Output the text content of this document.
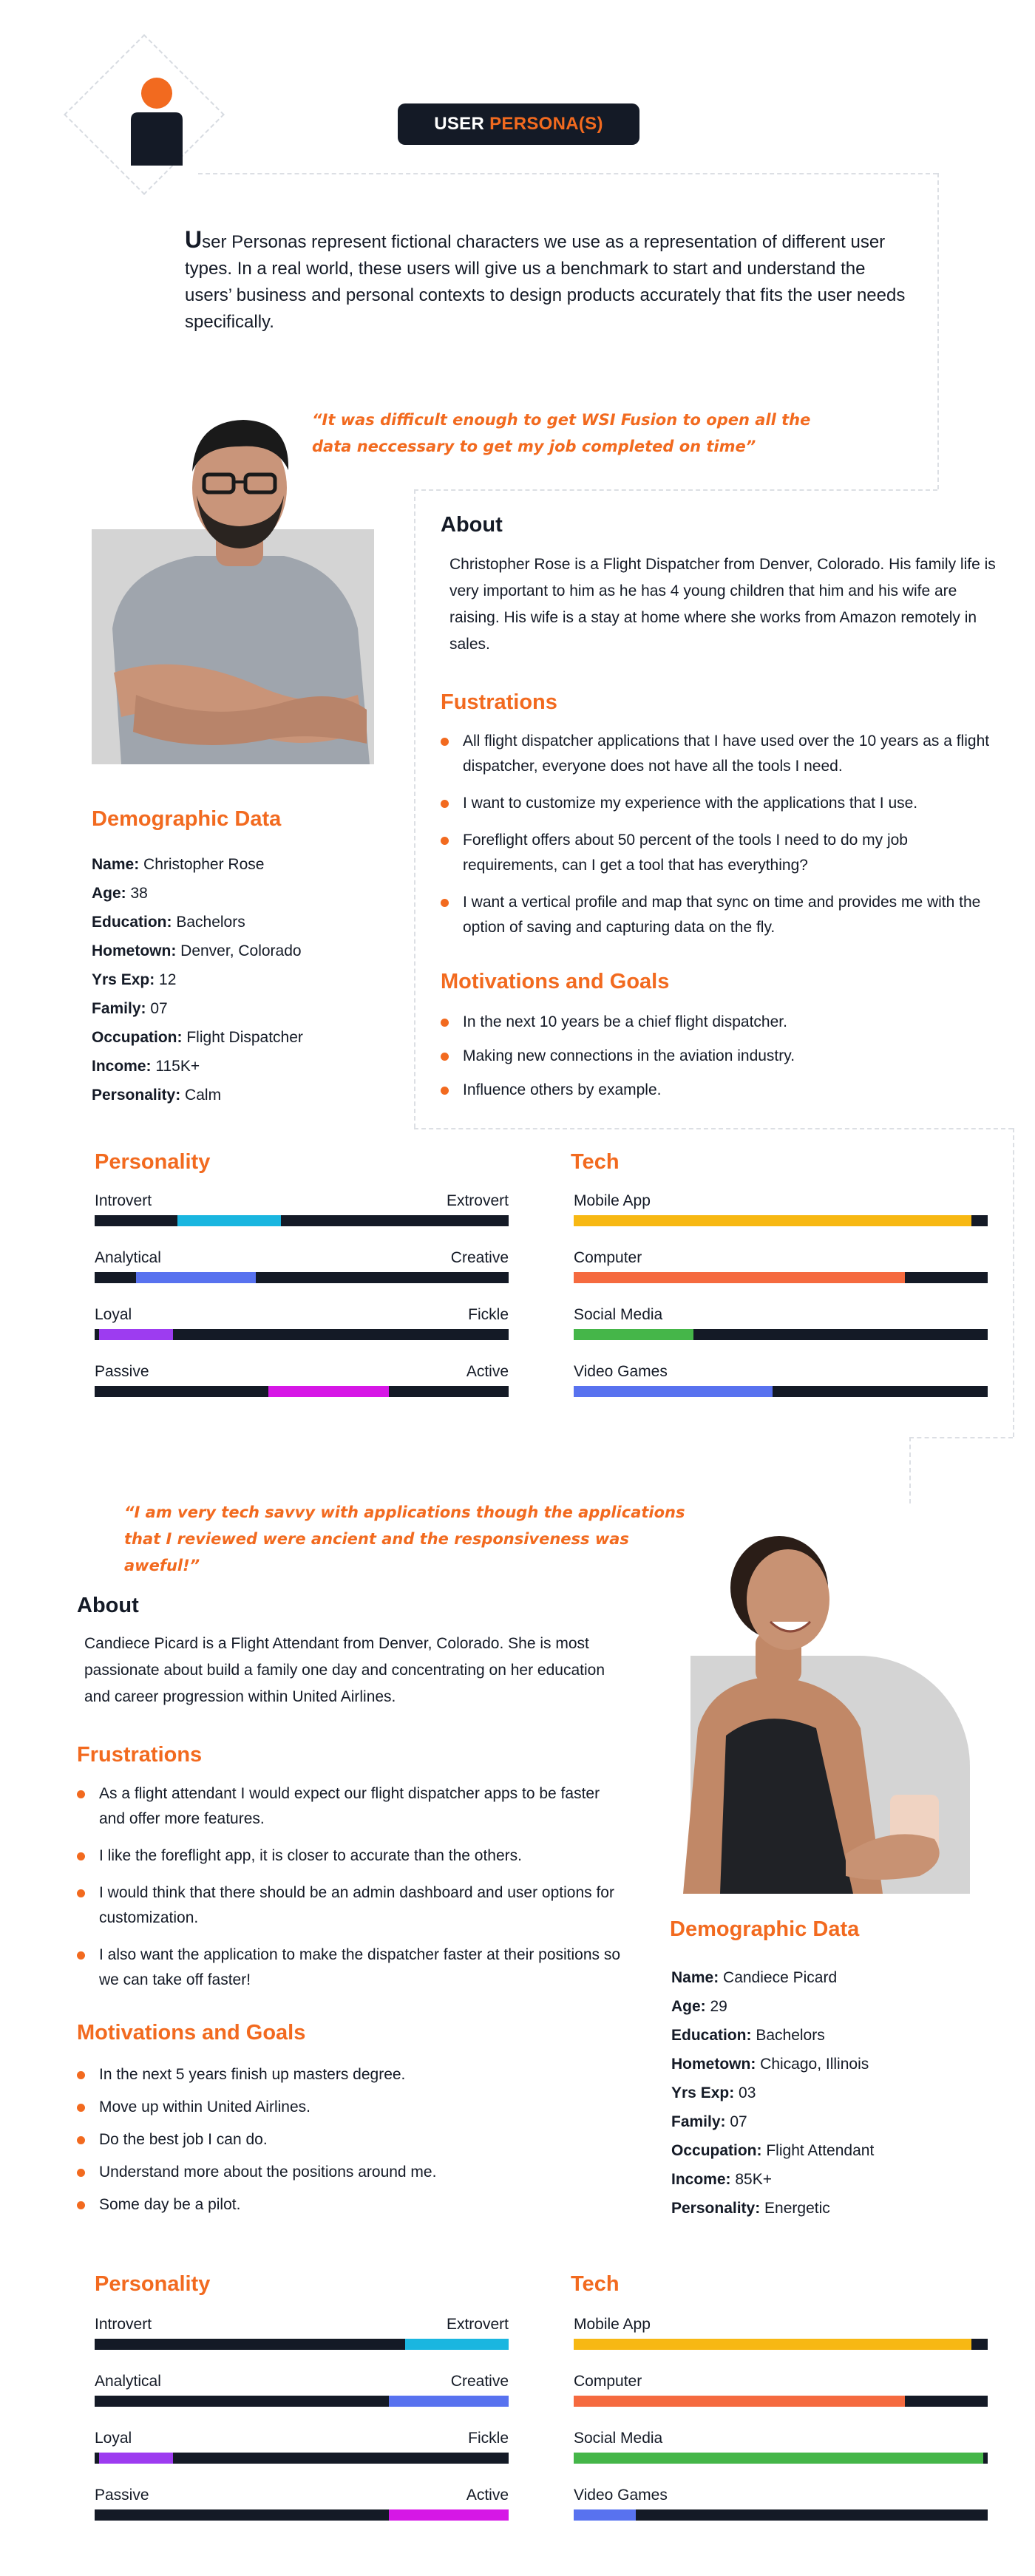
USER PERSONA(S)

User Personas represent fictional characters we use as a representation of different user types. In a real world, these users will give us a benchmark to start and understand the users’ business and personal contexts to design products accurately that fits the user needs specifically.

“It was difficult enough to get WSI Fusion to open all the data neccessary to get my job completed on time”

About

Christopher Rose is a Flight Dispatcher from Denver, Colorado. His family life is very important to him as he has 4 young children that him and his wife are raising. His wife is a stay at home where she works from Amazon remotely in sales.

Fustrations
All flight dispatcher applications that I have used over the 10 years as a flight dispatcher, everyone does not have all the tools I need.
I want to customize my experience with the applications that I use.
Foreflight offers about 50 percent of the tools I need to do my job requirements, can I get a tool that has everything?
I want a vertical profile and map that sync on time and provides me with the option of saving and capturing data on the fly.
Motivations and Goals
In the next 10 years be a chief flight dispatcher.
Making new connections in the aviation industry.
Influence others by example.
Demographic Data
Name: Christopher Rose
Age: 38
Education: Bachelors
Hometown: Denver, Colorado
Yrs Exp: 12
Family: 07
Occupation: Flight Dispatcher
Income: 115K+
Personality: Calm
Personality	Tech
Introvert	Extrovert
Analytical	Creative
Loyal	Fickle
Passive	Active
Mobile App
Computer
Social Media
Video Games

“I am very tech savvy with applications though the applications that I reviewed were ancient and the responsiveness was aweful!”

About

Candiece Picard is a Flight Attendant from Denver, Colorado. She is most passionate about build a family one day and concentrating on her education and career progression within United Airlines.

Frustrations
As a flight attendant I would expect our flight dispatcher apps to be faster and offer more features.
I like the foreflight app, it is closer to accurate than the others.
I would think that there should be an admin dashboard and user options for customization.
I also want the application to make the dispatcher faster at their positions so we can take off faster!
Motivations and Goals
In the next 5 years finish up masters degree.
Move up within United Airlines.
Do the best job I can do.
Understand more about the positions around me.
Some day be a pilot.
Demographic Data
Name: Candiece Picard
Age: 29
Education: Bachelors
Hometown: Chicago, Illinois
Yrs Exp: 03
Family: 07
Occupation: Flight Attendant
Income: 85K+
Personality: Energetic
Personality	Tech
Introvert	Extrovert
Analytical	Creative
Loyal	Fickle
Passive	Active
Mobile App
Computer
Social Media
Video Games
